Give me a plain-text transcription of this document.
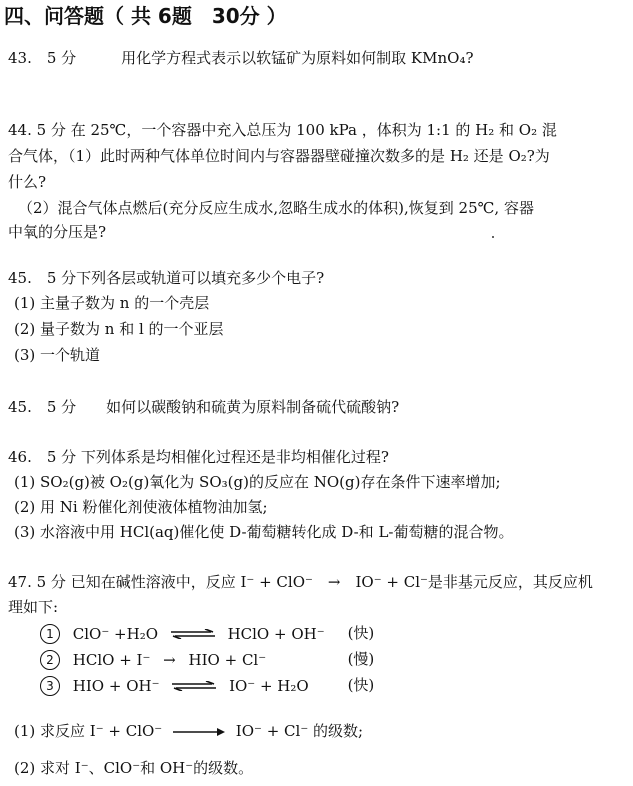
四、问答题（ 共 6题　30分 ）
43.　5 分　　　用化学方程式表示以软锰矿为原料如何制取 KMnO₄?
44. 5 分 在 25℃，一个容器中充入总压为 100 kPa ，体积为 1:1 的 H₂ 和 O₂ 混
合气体，（1）此时两种气体单位时间内与容器器壁碰撞次数多的是 H₂ 还是 O₂?为
什么?
（2）混合气体点燃后(充分反应生成水,忽略生成水的体积),恢复到 25℃, 容器
中氧的分压是?
45.　5 分下列各层或轨道可以填充多少个电子?
(1) 主量子数为 n 的一个壳层
(2) 量子数为 n 和 l 的一个亚层
(3) 一个轨道
45.　5 分　　如何以碳酸钠和硫黄为原料制备硫代硫酸钠?
46.　5 分 下列体系是均相催化过程还是非均相催化过程?
(1) SO₂(g)被 O₂(g)氧化为 SO₃(g)的反应在 NO(g)存在条件下速率增加;
(2) 用 Ni 粉催化剂使液体植物油加氢;
(3) 水溶液中用 HCl(aq)催化使 D-葡萄糖转化成 D-和 L-葡萄糖的混合物。
47. 5 分 已知在碱性溶液中，反应 I⁻ + ClO⁻　→　IO⁻ + Cl⁻是非基元反应，其反应机
理如下:
1 ClO⁻ +H₂O ⇌ HClO + OH⁻ (快)
2 HClO + I⁻ → HIO + Cl⁻	(慢)
3 HIO + OH⁻ ⇌ IO⁻ + H₂O	(快)
(1) 求反应 I⁻ + ClO⁻	IO⁻ + Cl⁻ 的级数;
(2) 求对 I⁻、ClO⁻和 OH⁻的级数。
